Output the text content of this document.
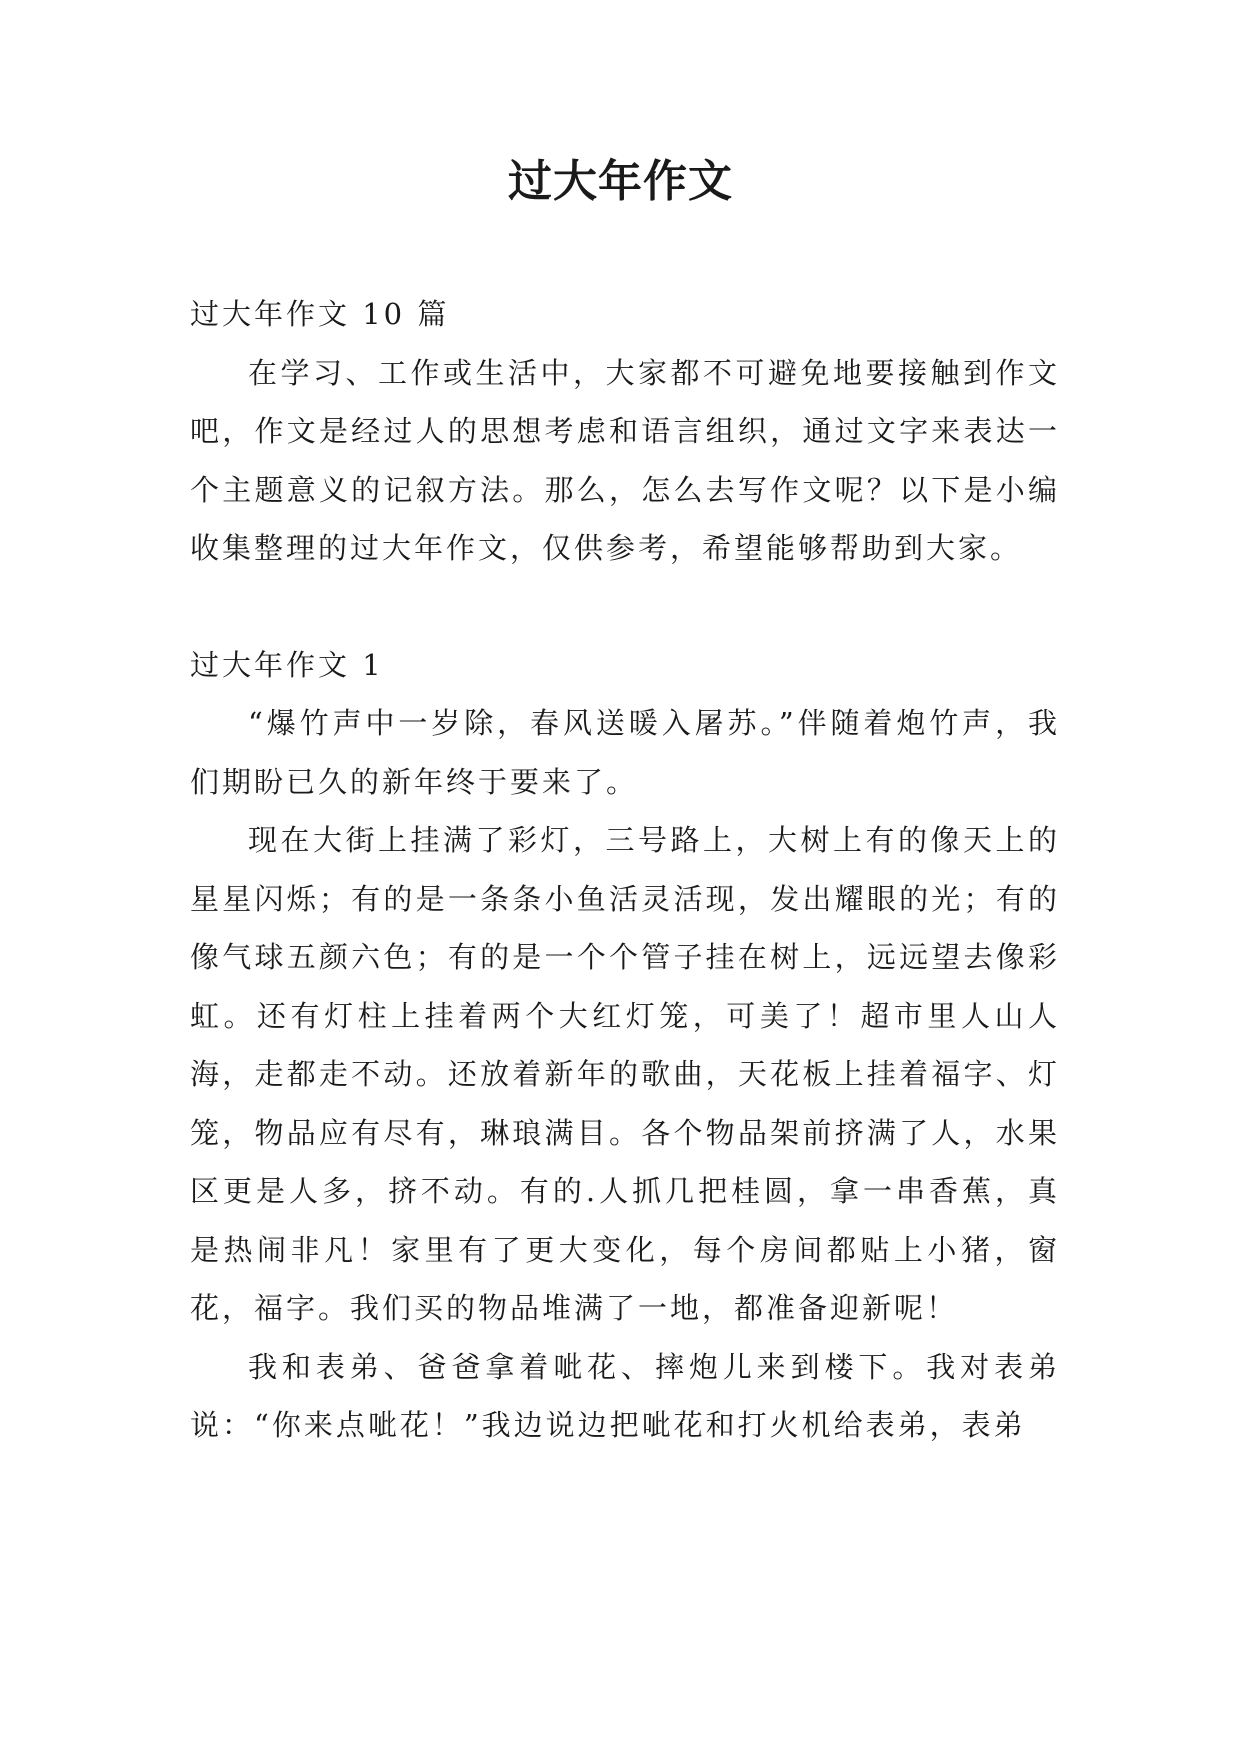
过大年作文

过大年作文 10 篇

在学习、工作或生活中，大家都不可避免地要接触到作文吧，作文是经过人的思想考虑和语言组织，通过文字来表达一个主题意义的记叙方法。那么，怎么去写作文呢？以下是小编收集整理的过大年作文，仅供参考，希望能够帮助到大家。

过大年作文 1

“爆竹声中一岁除，春风送暖入屠苏。”伴随着炮竹声，我们期盼已久的新年终于要来了。

现在大街上挂满了彩灯，三号路上，大树上有的像天上的星星闪烁；有的是一条条小鱼活灵活现，发出耀眼的光；有的像气球五颜六色；有的是一个个管子挂在树上，远远望去像彩虹。还有灯柱上挂着两个大红灯笼，可美了！超市里人山人海，走都走不动。还放着新年的歌曲，天花板上挂着福字、灯笼，物品应有尽有，琳琅满目。各个物品架前挤满了人，水果区更是人多，挤不动。有的.人抓几把桂圆，拿一串香蕉，真是热闹非凡！家里有了更大变化，每个房间都贴上小猪，窗花，福字。我们买的物品堆满了一地，都准备迎新呢！

我和表弟、爸爸拿着呲花、摔炮儿来到楼下。我对表弟说：“你来点呲花！”我边说边把呲花和打火机给表弟，表弟
